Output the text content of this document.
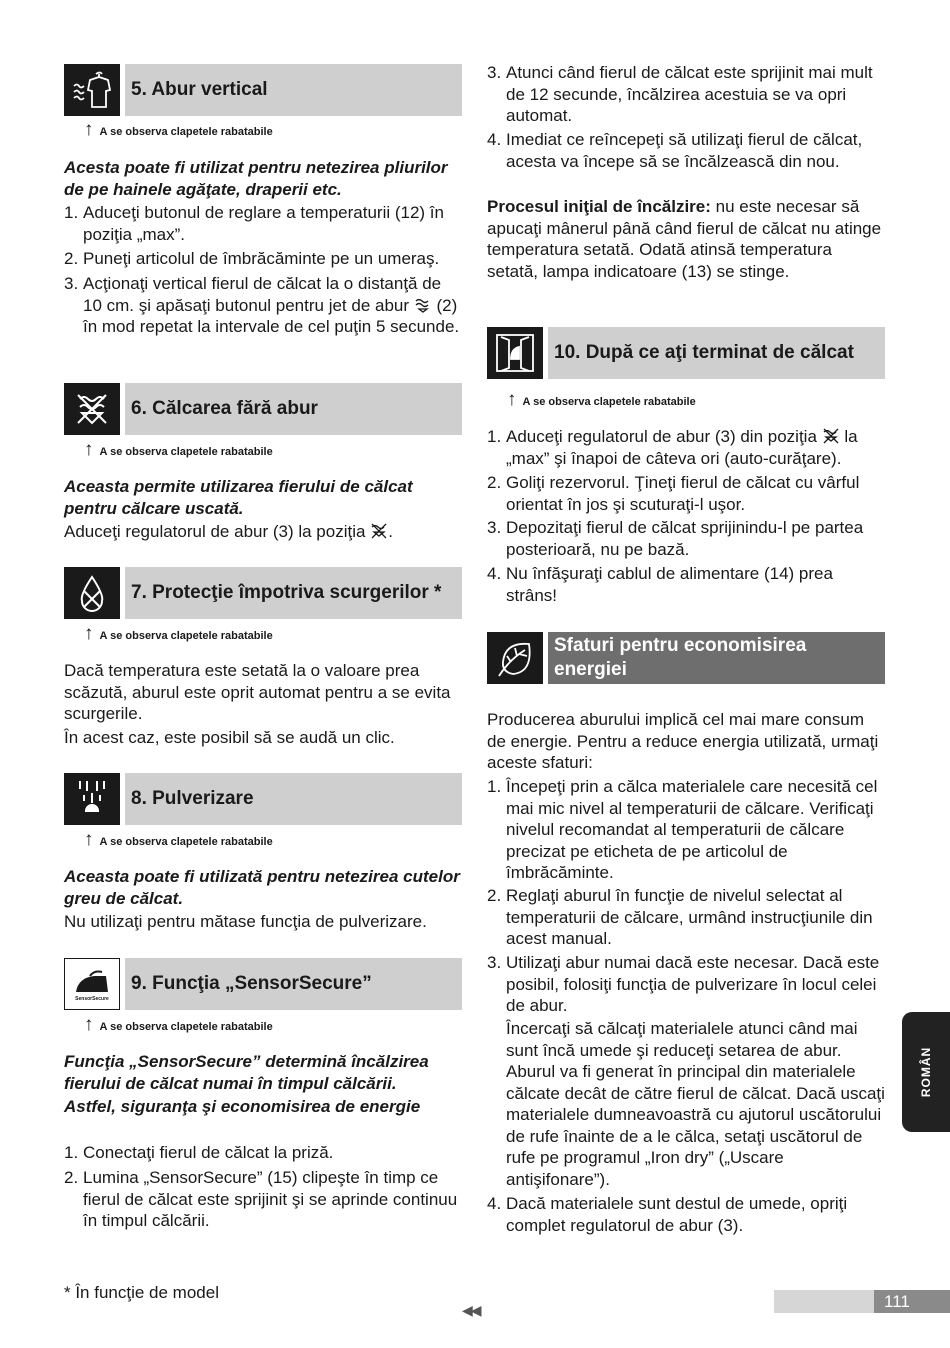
5. Abur vertical
↑ A se observa clapetele rabatabile
Acesta poate fi utilizat pentru netezirea pliurilor de pe hainele agăţate, draperii etc.
1. Aduceţi butonul de reglare a temperaturii (12) în poziţia „max”.
2. Puneţi articolul de îmbrăcăminte pe un umeraş.
3. Acţionaţi vertical fierul de călcat la o distanţă de 10 cm. şi apăsaţi butonul pentru jet de abur (2) în mod repetat la intervale de cel puţin 5 secunde.
6. Călcarea fără abur
↑ A se observa clapetele rabatabile
Aceasta permite utilizarea fierului de călcat pentru călcare uscată.
Aduceţi regulatorul de abur (3) la poziţia .
7. Protecţie împotriva scurgerilor *
↑ A se observa clapetele rabatabile
Dacă temperatura este setată la o valoare prea scăzută, aburul este oprit automat pentru a se evita scurgerile.
În acest caz, este posibil să se audă un clic.
8. Pulverizare
↑ A se observa clapetele rabatabile
Aceasta poate fi utilizată pentru netezirea cutelor greu de călcat.
Nu utilizaţi pentru mătase funcţia de pulverizare.
SensorSecure
9. Funcţia „SensorSecure”
↑ A se observa clapetele rabatabile
Funcţia „SensorSecure” determină încălzirea fierului de călcat numai în timpul călcării.
Astfel, siguranţa şi economisirea de energie
1. Conectaţi fierul de călcat la priză.
2. Lumina „SensorSecure” (15) clipeşte în timp ce fierul de călcat este sprijinit şi se aprinde continuu în timpul călcării.
3. Atunci când fierul de călcat este sprijinit mai mult de 12 secunde, încălzirea acestuia se va opri automat.
4. Imediat ce reîncepeţi să utilizaţi fierul de călcat, acesta va începe să se încălzească din nou.
Procesul iniţial de încălzire: nu este necesar să apucaţi mânerul până când fierul de călcat nu atinge temperatura setată. Odată atinsă temperatura setată, lampa indicatoare (13) se stinge.
10. După ce aţi terminat de călcat
↑ A se observa clapetele rabatabile
1. Aduceţi regulatorul de abur (3) din poziţia la „max” şi înapoi de câteva ori (auto-curăţare).
2. Goliţi rezervorul. Ţineţi fierul de călcat cu vârful orientat în jos şi scuturaţi-l uşor.
3. Depozitaţi fierul de călcat sprijinindu-l pe partea posterioară, nu pe bază.
4. Nu înfăşuraţi cablul de alimentare (14) prea strâns!
Sfaturi pentru economisirea
energiei
Producerea aburului implică cel mai mare consum de energie. Pentru a reduce energia utilizată, urmaţi aceste sfaturi:
1. Începeţi prin a călca materialele care necesită cel mai mic nivel al temperaturii de călcare. Verificaţi nivelul recomandat al temperaturii de călcare precizat pe eticheta de pe articolul de îmbrăcăminte.
2. Reglaţi aburul în funcţie de nivelul selectat al temperaturii de călcare, urmând instrucţiunile din acest manual.
3. Utilizaţi abur numai dacă este necesar. Dacă este posibil, folosiţi funcţia de pulverizare în locul celei de abur.
Încercaţi să călcaţi materialele atunci când mai sunt încă umede şi reduceţi setarea de abur. Aburul va fi generat în principal din materialele călcate decât de către fierul de călcat. Dacă uscaţi materialele dumneavoastră cu ajutorul uscătorului de rufe înainte de a le călca, setaţi uscătorul de rufe pe programul „Iron dry” („Uscare antişifonare”).
4. Dacă materialele sunt destul de umede, opriţi complet regulatorul de abur (3).
ROMÂN
* În funcţie de model
◀◀	111
